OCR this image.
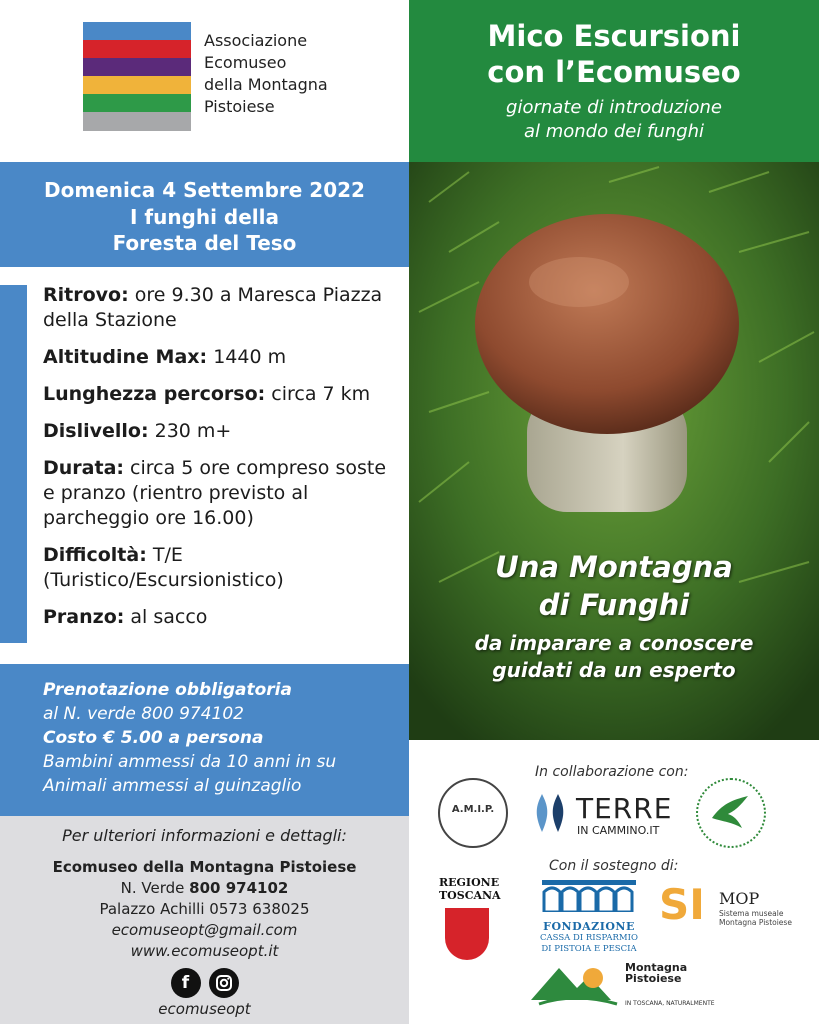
Associazione
Ecomuseo
della Montagna
Pistoiese
Mico Escursioni
con l’Ecomuseo
giornate di introduzione
al mondo dei funghi
Domenica 4 Settembre 2022
I funghi della
Foresta del Teso
Ritrovo: ore 9.30 a Maresca Piazza della Stazione
Altitudine Max: 1440 m
Lunghezza percorso: circa 7 km
Dislivello: 230 m+
Durata: circa 5 ore compreso soste e pranzo (rientro previsto al parcheggio ore 16.00)
Difficoltà: T/E (Turistico/Escursionistico)
Pranzo: al sacco
Prenotazione obbligatoria
al N. verde 800 974102
Costo € 5.00 a persona
Bambini ammessi da 10 anni in su
Animali ammessi al guinzaglio
Per ulteriori informazioni e dettagli:
Ecomuseo della Montagna Pistoiese
N. Verde 800 974102
Palazzo Achilli 0573 638025
ecomuseopt@gmail.com
www.ecomuseopt.it
f
ecomuseopt
Una Montagna
di Funghi
da imparare a conoscere
guidati da un esperto
In collaborazione con:
A.M.I.P.	TERRE
IN CAMMINO.IT
Con il sostegno di:
REGIONE
TOSCANA
FONDAZIONE
CASSA DI RISPARMIO
DI PISTOIA E PESCIA
SI MOP
Sistema museale
Montagna Pistoiese
Montagna
Pistoiese
IN TOSCANA, NATURALMENTE
